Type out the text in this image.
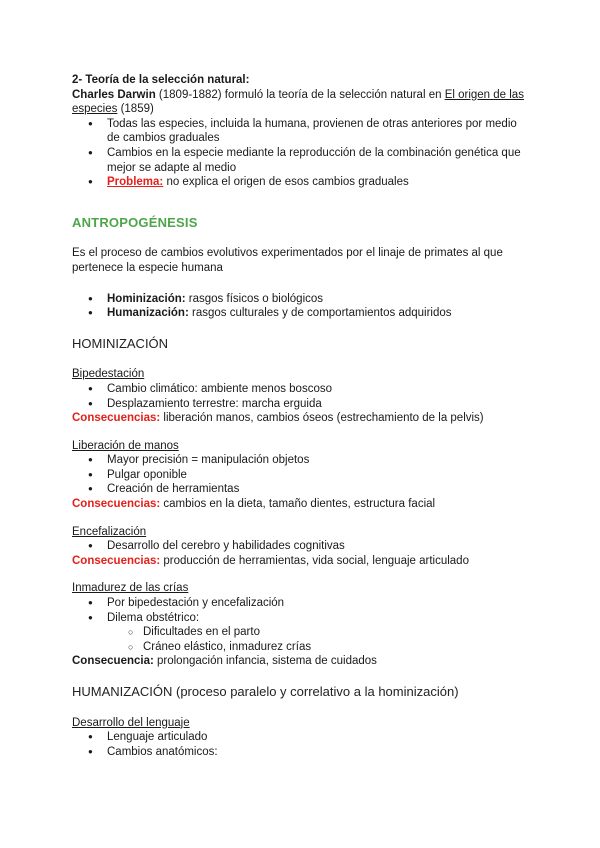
2- Teoría de la selección natural:

Charles Darwin (1809-1882) formuló la teoría de la selección natural en El origen de las especies (1859)

● Todas las especies, incluida la humana, provienen de otras anteriores por medio de cambios graduales
● Cambios en la especie mediante la reproducción de la combinación genética que mejor se adapte al medio
● Problema: no explica el origen de esos cambios graduales

ANTROPOGÉNESIS

Es el proceso de cambios evolutivos experimentados por el linaje de primates al que pertenece la especie humana

● Hominización: rasgos físicos o biológicos
● Humanización: rasgos culturales y de comportamientos adquiridos

HOMINIZACIÓN

Bipedestación

● Cambio climático: ambiente menos boscoso
● Desplazamiento terrestre: marcha erguida

Consecuencias: liberación manos, cambios óseos (estrechamiento de la pelvis)

Liberación de manos

● Mayor precisión = manipulación objetos
● Pulgar oponible
● Creación de herramientas

Consecuencias: cambios en la dieta, tamaño dientes, estructura facial

Encefalización

● Desarrollo del cerebro y habilidades cognitivas

Consecuencias: producción de herramientas, vida social, lenguaje articulado

Inmadurez de las crías

● Por bipedestación y encefalización
● Dilema obstétrico:
○ Dificultades en el parto
○ Cráneo elástico, inmadurez crías

Consecuencia: prolongación infancia, sistema de cuidados

HUMANIZACIÓN (proceso paralelo y correlativo a la hominización)

Desarrollo del lenguaje

● Lenguaje articulado
● Cambios anatómicos:
